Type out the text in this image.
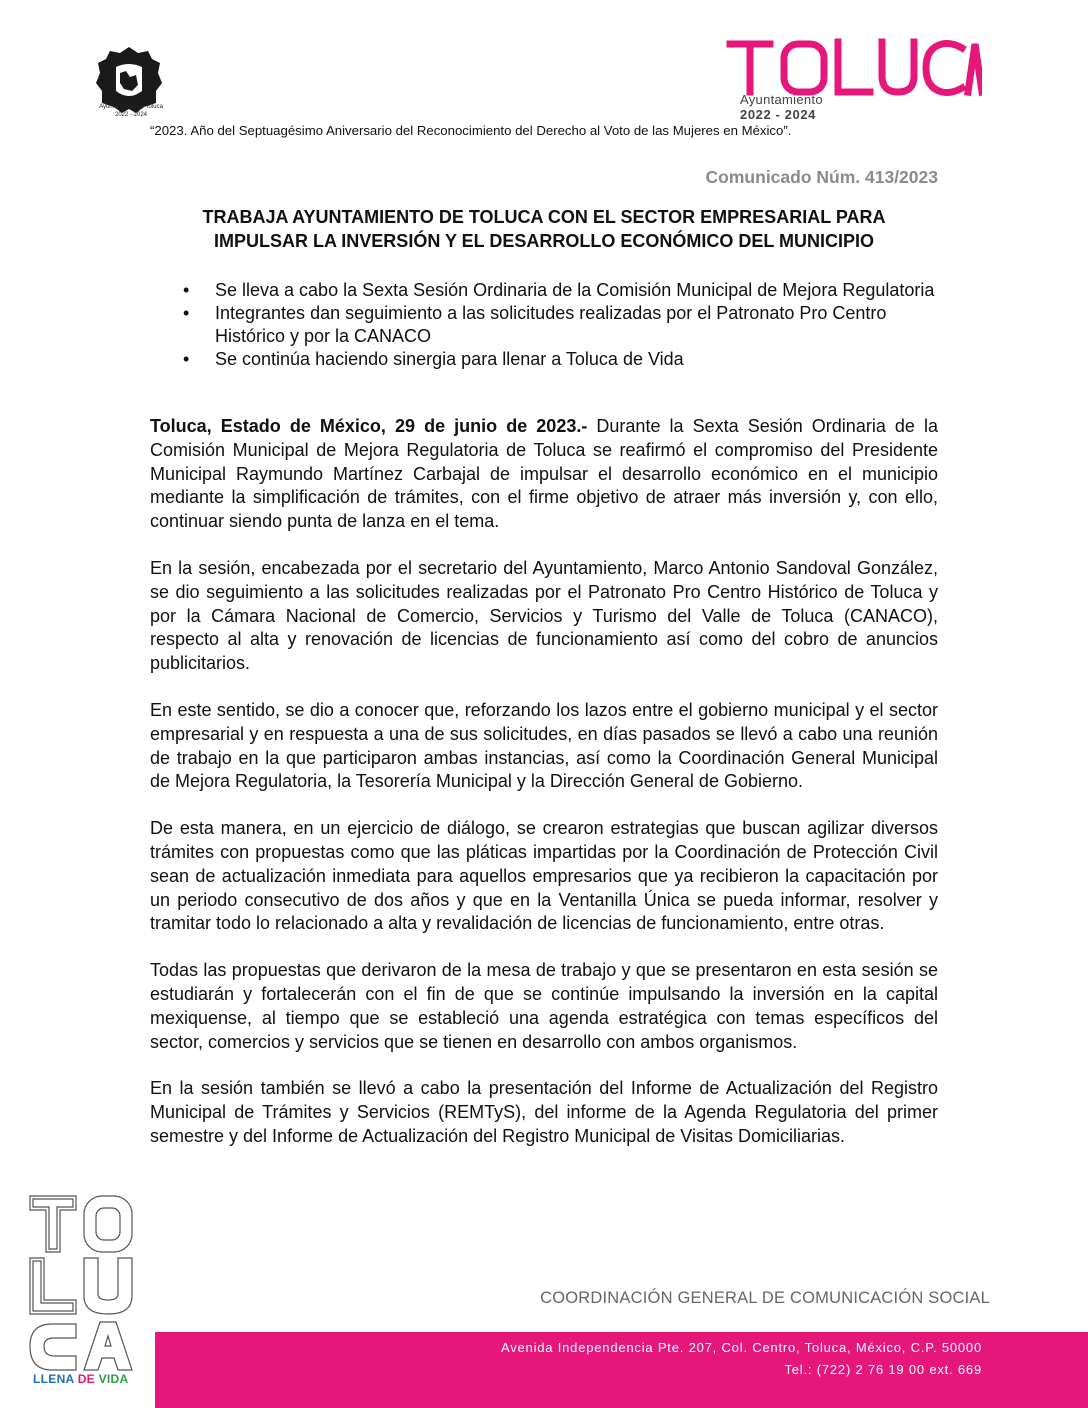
Ayuntamiento de Toluca
2022 - 2024
Ayuntamiento
2022 - 2024
“2023. Año del Septuagésimo Aniversario del Reconocimiento del Derecho al Voto de las Mujeres en México”.
Comunicado Núm. 413/2023
TRABAJA AYUNTAMIENTO DE TOLUCA CON EL SECTOR EMPRESARIAL PARA
IMPULSAR LA INVERSIÓN Y EL DESARROLLO ECONÓMICO DEL MUNICIPIO
• Se lleva a cabo la Sexta Sesión Ordinaria de la Comisión Municipal de Mejora Regulatoria
• Integrantes dan seguimiento a las solicitudes realizadas por el Patronato Pro Centro Histórico y por la CANACO
• Se continúa haciendo sinergia para llenar a Toluca de Vida

Toluca, Estado de México, 29 de junio de 2023.- Durante la Sexta Sesión Ordinaria de la Comisión Municipal de Mejora Regulatoria de Toluca se reafirmó el compromiso del Presidente Municipal Raymundo Martínez Carbajal de impulsar el desarrollo económico en el municipio mediante la simplificación de trámites, con el firme objetivo de atraer más inversión y, con ello, continuar siendo punta de lanza en el tema.

En la sesión, encabezada por el secretario del Ayuntamiento, Marco Antonio Sandoval González, se dio seguimiento a las solicitudes realizadas por el Patronato Pro Centro Histórico de Toluca y por la Cámara Nacional de Comercio, Servicios y Turismo del Valle de Toluca (CANACO), respecto al alta y renovación de licencias de funcionamiento así como del cobro de anuncios publicitarios.

En este sentido, se dio a conocer que, reforzando los lazos entre el gobierno municipal y el sector empresarial y en respuesta a una de sus solicitudes, en días pasados se llevó a cabo una reunión de trabajo en la que participaron ambas instancias, así como la Coordinación General Municipal de Mejora Regulatoria, la Tesorería Municipal y la Dirección General de Gobierno.

De esta manera, en un ejercicio de diálogo, se crearon estrategias que buscan agilizar diversos trámites con propuestas como que las pláticas impartidas por la Coordinación de Protección Civil sean de actualización inmediata para aquellos empresarios que ya recibieron la capacitación por un periodo consecutivo de dos años y que en la Ventanilla Única se pueda informar, resolver y tramitar todo lo relacionado a alta y revalidación de licencias de funcionamiento, entre otras.

Todas las propuestas que derivaron de la mesa de trabajo y que se presentaron en esta sesión se estudiarán y fortalecerán con el fin de que se continúe impulsando la inversión en la capital mexiquense, al tiempo que se estableció una agenda estratégica con temas específicos del sector, comercios y servicios que se tienen en desarrollo con ambos organismos.

En la sesión también se llevó a cabo la presentación del Informe de Actualización del Registro Municipal de Trámites y Servicios (REMTyS), del informe de la Agenda Regulatoria del primer semestre y del Informe de Actualización del Registro Municipal de Visitas Domiciliarias.

LLENA DE VIDA
COORDINACIÓN GENERAL DE COMUNICACIÓN SOCIAL
Avenida Independencia Pte. 207, Col. Centro, Toluca, México, C.P. 50000
Tel.: (722) 2 76 19 00 ext. 669
